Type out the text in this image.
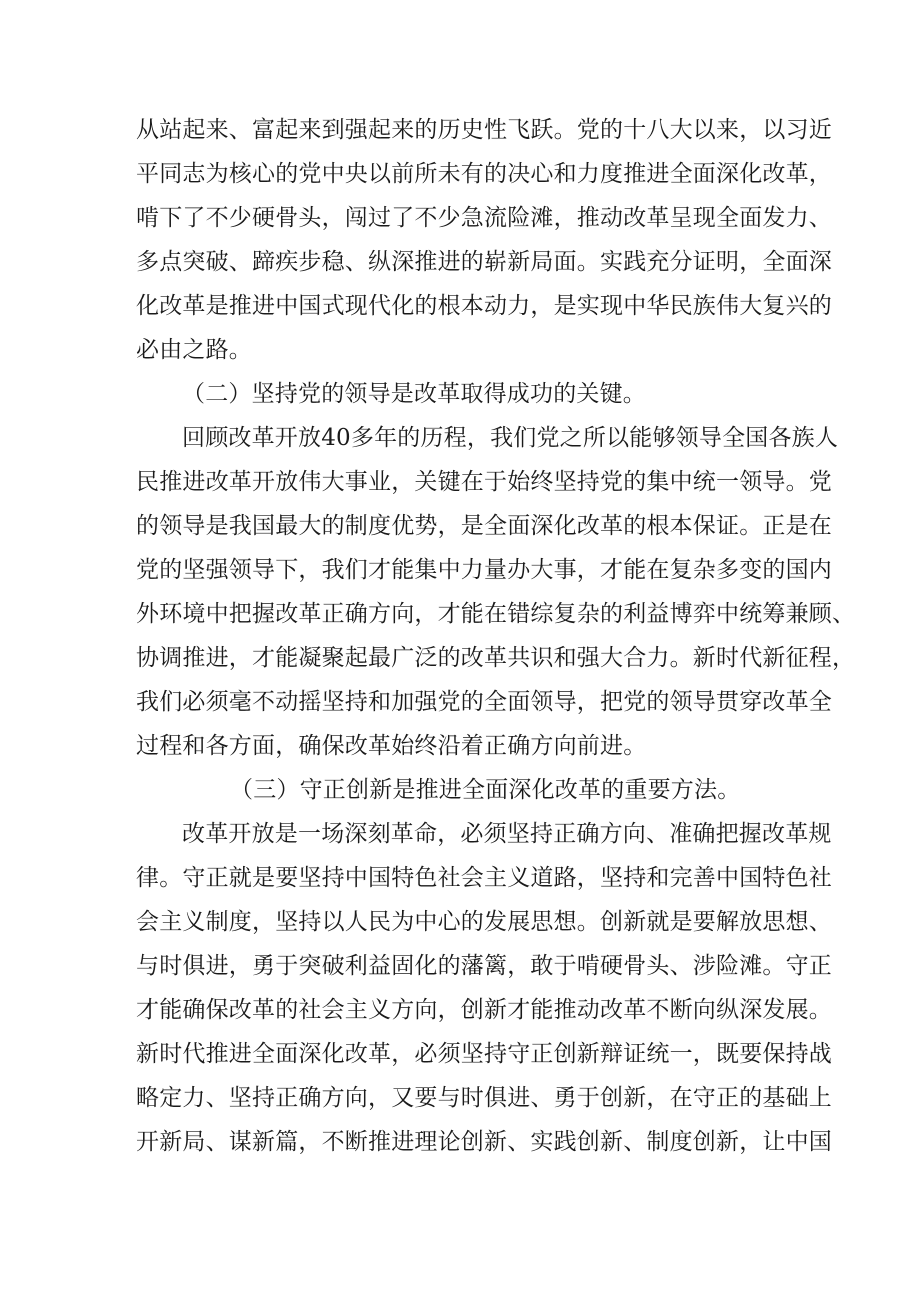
从站起来、富起来到强起来的历史性飞跃。党的十八大以来，以习近
平同志为核心的党中央以前所未有的决心和力度推进全面深化改革，
啃下了不少硬骨头，闯过了不少急流险滩，推动改革呈现全面发力、
多点突破、蹄疾步稳、纵深推进的崭新局面。实践充分证明，全面深
化改革是推进中国式现代化的根本动力，是实现中华民族伟大复兴的
必由之路。
（二）坚持党的领导是改革取得成功的关键。
回顾改革开放40多年的历程，我们党之所以能够领导全国各族人
民推进改革开放伟大事业，关键在于始终坚持党的集中统一领导。党
的领导是我国最大的制度优势，是全面深化改革的根本保证。正是在
党的坚强领导下，我们才能集中力量办大事，才能在复杂多变的国内
外环境中把握改革正确方向，才能在错综复杂的利益博弈中统筹兼顾、
协调推进，才能凝聚起最广泛的改革共识和强大合力。新时代新征程，
我们必须毫不动摇坚持和加强党的全面领导，把党的领导贯穿改革全
过程和各方面，确保改革始终沿着正确方向前进。
（三）守正创新是推进全面深化改革的重要方法。
改革开放是一场深刻革命，必须坚持正确方向、准确把握改革规
律。守正就是要坚持中国特色社会主义道路，坚持和完善中国特色社
会主义制度，坚持以人民为中心的发展思想。创新就是要解放思想、
与时俱进，勇于突破利益固化的藩篱，敢于啃硬骨头、涉险滩。守正
才能确保改革的社会主义方向，创新才能推动改革不断向纵深发展。
新时代推进全面深化改革，必须坚持守正创新辩证统一，既要保持战
略定力、坚持正确方向，又要与时俱进、勇于创新，在守正的基础上
开新局、谋新篇，不断推进理论创新、实践创新、制度创新，让中国
